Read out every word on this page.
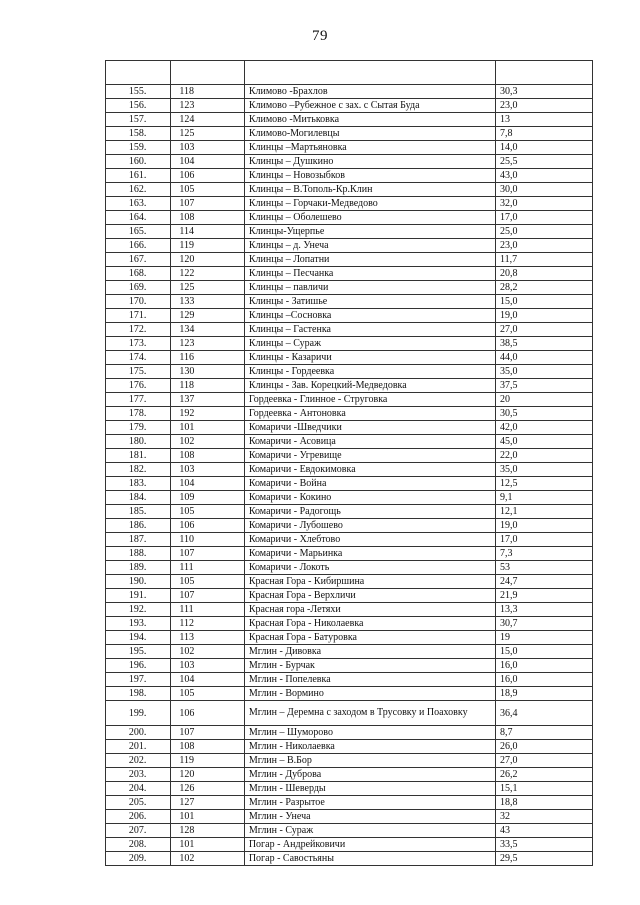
79

155.	118	Климово -Брахлов	30,3
156.	123	Климово –Рубежное с зах. с Сытая Буда	23,0
157.	124	Климово -Митьковка	13
158.	125	Климово-Могилевцы	7,8
159.	103	Клинцы –Мартьяновка	14,0
160.	104	Клинцы – Душкино	25,5
161.	106	Клинцы – Новозыбков	43,0
162.	105	Клинцы – В.Тополь-Кр.Клин	30,0
163.	107	Клинцы – Горчаки-Медведово	32,0
164.	108	Клинцы – Оболешево	17,0
165.	114	Клинцы-Ущерпье	25,0
166.	119	Клинцы – д. Унеча	23,0
167.	120	Клинцы – Лопатни	11,7
168.	122	Клинцы – Песчанка	20,8
169.	125	Клинцы – павличи	28,2
170.	133	Клинцы - Затишье	15,0
171.	129	Клинцы –Сосновка	19,0
172.	134	Клинцы – Гастенка	27,0
173.	123	Клинцы – Сураж	38,5
174.	116	Клинцы - Казаричи	44,0
175.	130	Клинцы - Гордеевка	35,0
176.	118	Клинцы - Зав. Корецкий-Медведовка	37,5
177.	137	Гордеевка - Глинное - Струговка	20
178.	192	Гордеевка - Антоновка	30,5
179.	101	Комаричи -Шведчики	42,0
180.	102	Комаричи - Асовица	45,0
181.	108	Комаричи - Угревище	22,0
182.	103	Комаричи - Евдокимовка	35,0
183.	104	Комаричи - Война	12,5
184.	109	Комаричи - Кокино	9,1
185.	105	Комаричи - Радогощь	12,1
186.	106	Комаричи - Лубошево	19,0
187.	110	Комаричи - Хлебтово	17,0
188.	107	Комаричи - Марьинка	7,3
189.	111	Комаричи - Локоть	53
190.	105	Красная Гора - Кибиршина	24,7
191.	107	Красная Гора - Верхличи	21,9
192.	111	Красная гора -Летяхи	13,3
193.	112	Красная Гора - Николаевка	30,7
194.	113	Красная Гора - Батуровка	19
195.	102	Мглин - Дивовка	15,0
196.	103	Мглин - Бурчак	16,0
197.	104	Мглин - Попелевка	16,0
198.	105	Мглин - Вормино	18,9
199.	106	Мглин – Деремна с заходом в Трусовку и Поаховку	36,4
200.	107	Мглин – Шуморово	8,7
201.	108	Мглин - Николаевка	26,0
202.	119	Мглин – В.Бор	27,0
203.	120	Мглин - Дуброва	26,2
204.	126	Мглин - Шеверды	15,1
205.	127	Мглин - Разрытое	18,8
206.	101	Мглин - Унеча	32
207.	128	Мглин - Сураж	43
208.	101	Погар - Андрейковичи	33,5
209.	102	Погар - Савостьяны	29,5
